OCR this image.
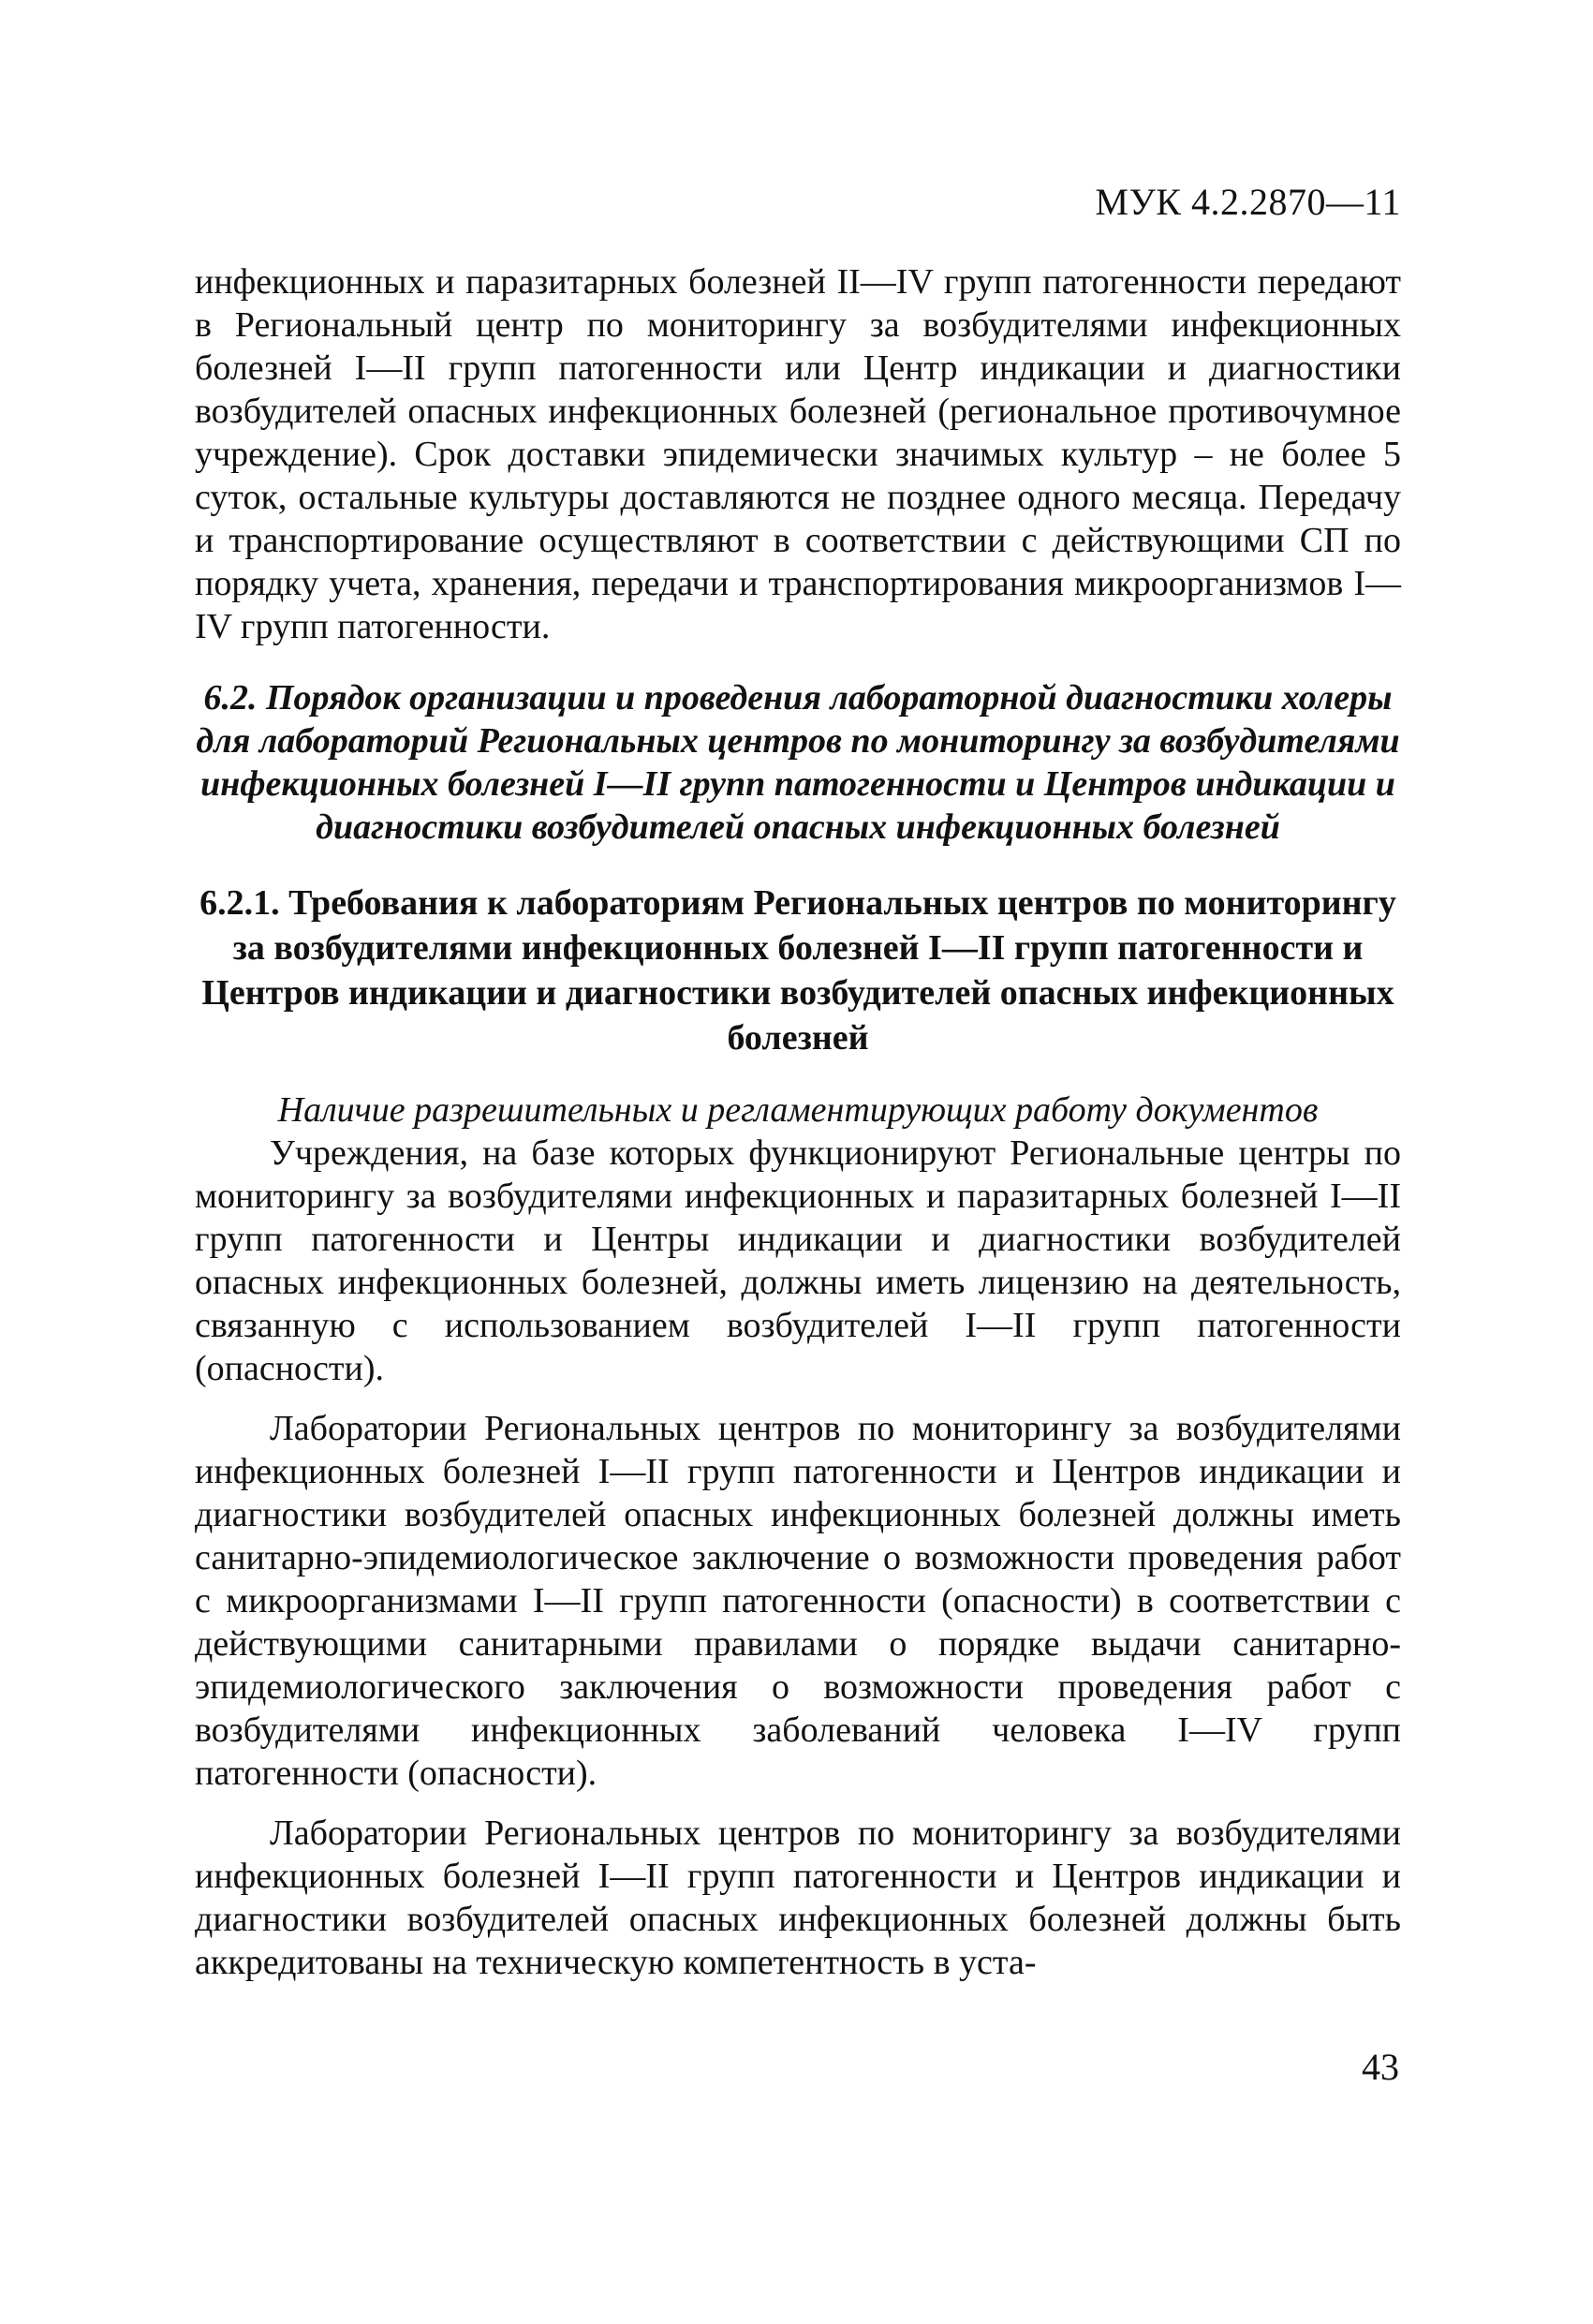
МУК 4.2.2870—11

инфекционных и паразитарных болезней II—IV групп патогенности передают в Региональный центр по мониторингу за возбудителями инфекционных болезней I—II групп патогенности или Центр индикации и диагностики возбудителей опасных инфекционных болезней (региональное противочумное учреждение). Срок доставки эпидемически значимых культур – не более 5 суток, остальные культуры доставляются не позднее одного месяца. Передачу и транспортирование осуществляют в соответствии с действующими СП по порядку учета, хранения, передачи и транспортирования микроорганизмов I—IV групп патогенности.

6.2. Порядок организации и проведения лабораторной диагностики холеры для лабораторий Региональных центров по мониторингу за возбудителями инфекционных болезней I—II групп патогенности и Центров индикации и диагностики возбудителей опасных инфекционных болезней
6.2.1. Требования к лабораториям Региональных центров по мониторингу за возбудителями инфекционных болезней I—II групп патогенности и Центров индикации и диагностики возбудителей опасных инфекционных болезней
Наличие разрешительных и регламентирующих работу документов

Учреждения, на базе которых функционируют Региональные центры по мониторингу за возбудителями инфекционных и паразитарных болезней I—II групп патогенности и Центры индикации и диагностики возбудителей опасных инфекционных болезней, должны иметь лицензию на деятельность, связанную с использованием возбудителей I—II групп патогенности (опасности).

Лаборатории Региональных центров по мониторингу за возбудителями инфекционных болезней I—II групп патогенности и Центров индикации и диагностики возбудителей опасных инфекционных болезней должны иметь санитарно-эпидемиологическое заключение о возможности проведения работ с микроорганизмами I—II групп патогенности (опасности) в соответствии с действующими санитарными правилами о порядке выдачи санитарно-эпидемиологического заключения о возможности проведения работ с возбудителями инфекционных заболеваний человека I—IV групп патогенности (опасности).

Лаборатории Региональных центров по мониторингу за возбудителями инфекционных болезней I—II групп патогенности и Центров индикации и диагностики возбудителей опасных инфекционных болезней должны быть аккредитованы на техническую компетентность в уста-

43
